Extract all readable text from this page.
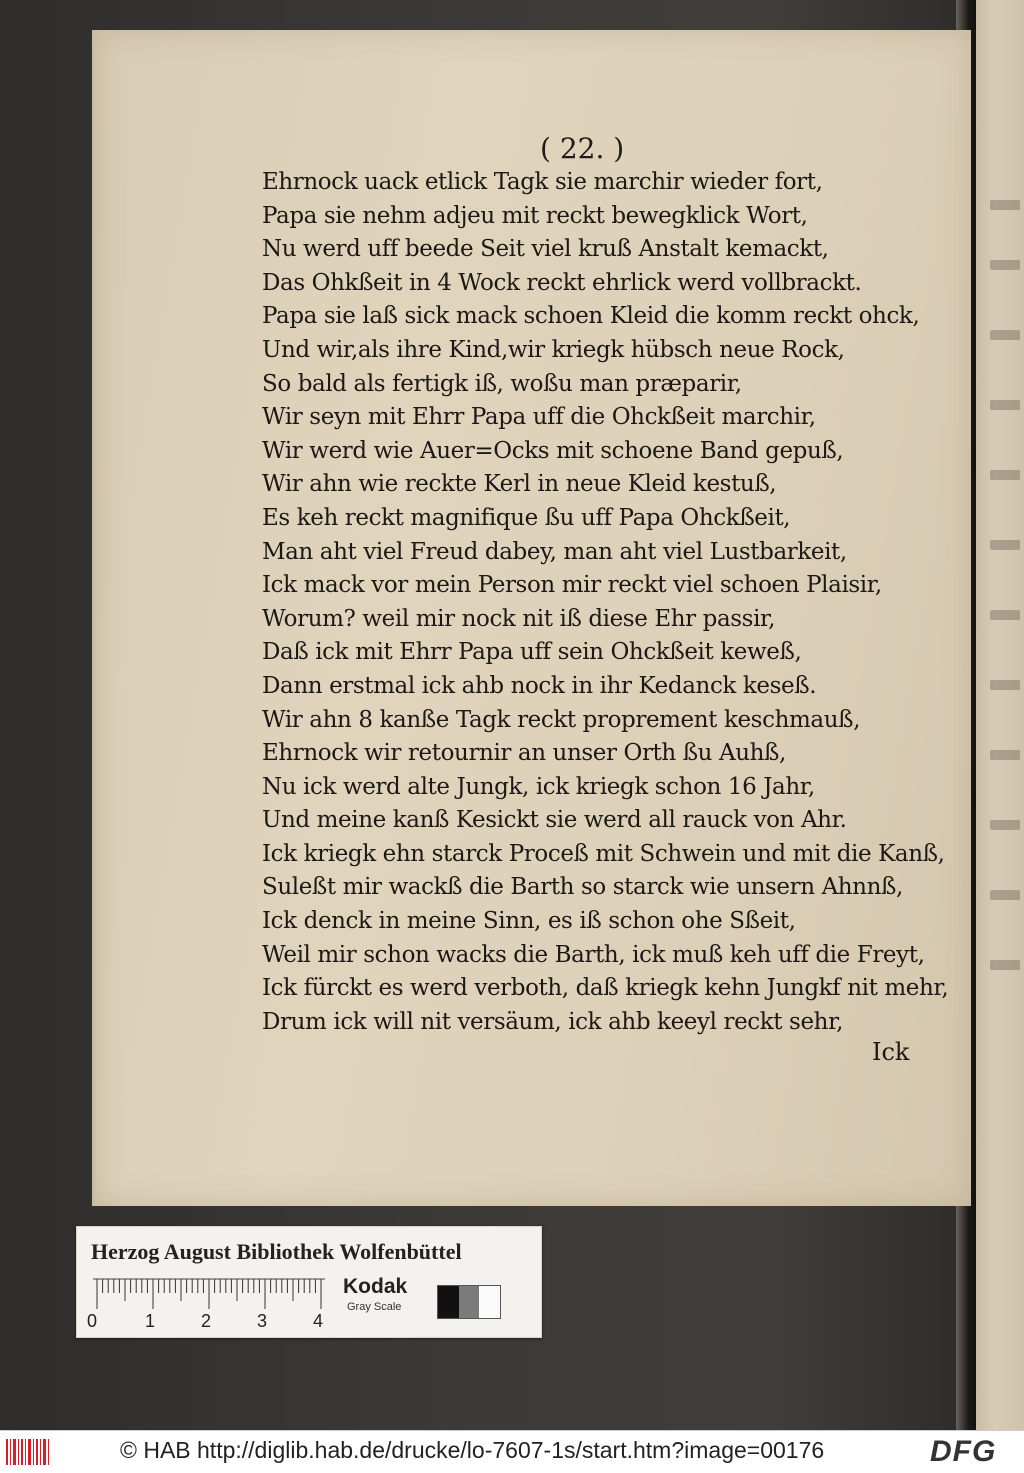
( 22. )
Ehrnock uack etlick Tagk sie marchir wieder fort,
Papa sie nehm adjeu mit reckt bewegklick Wort,
Nu werd uff beede Seit viel kruß Anstalt kemackt,
Das Ohkßeit in 4 Wock reckt ehrlick werd vollbrackt.
Papa sie laß sick mack schoen Kleid die komm reckt ohck,
Und wir,als ihre Kind,wir kriegk hübsch neue Rock,
So bald als fertigk iß, woßu man præparir,
Wir seyn mit Ehrr Papa uff die Ohckßeit marchir,
Wir werd wie Auer=Ocks mit schoene Band gepuß,
Wir ahn wie reckte Kerl in neue Kleid kestuß,
Es keh reckt magnifique ßu uff Papa Ohckßeit,
Man aht viel Freud dabey, man aht viel Lustbarkeit,
Ick mack vor mein Person mir reckt viel schoen Plaisir,
Worum? weil mir nock nit iß diese Ehr passir,
Daß ick mit Ehrr Papa uff sein Ohckßeit keweß,
Dann erstmal ick ahb nock in ihr Kedanck keseß.
Wir ahn 8 kanße Tagk reckt proprement keschmauß,
Ehrnock wir retournir an unser Orth ßu Auhß,
Nu ick werd alte Jungk, ick kriegk schon 16 Jahr,
Und meine kanß Kesickt sie werd all rauck von Ahr.
Ick kriegk ehn starck Proceß mit Schwein und mit die Kanß,
Suleßt mir wackß die Barth so starck wie unsern Ahnnß,
Ick denck in meine Sinn, es iß schon ohe Sßeit,
Weil mir schon wacks die Barth, ick muß keh uff die Freyt,
Ick fürckt es werd verboth, daß kriegk kehn Jungkf nit mehr,
Drum ick will nit versäum, ick ahb keeyl reckt sehr,
Ick
Herzog August Bibliothek Wolfenbüttel
0	1	2	3	4
Kodak
Gray Scale
© HAB http://diglib.hab.de/drucke/lo-7607-1s/start.htm?image=00176	DFG
